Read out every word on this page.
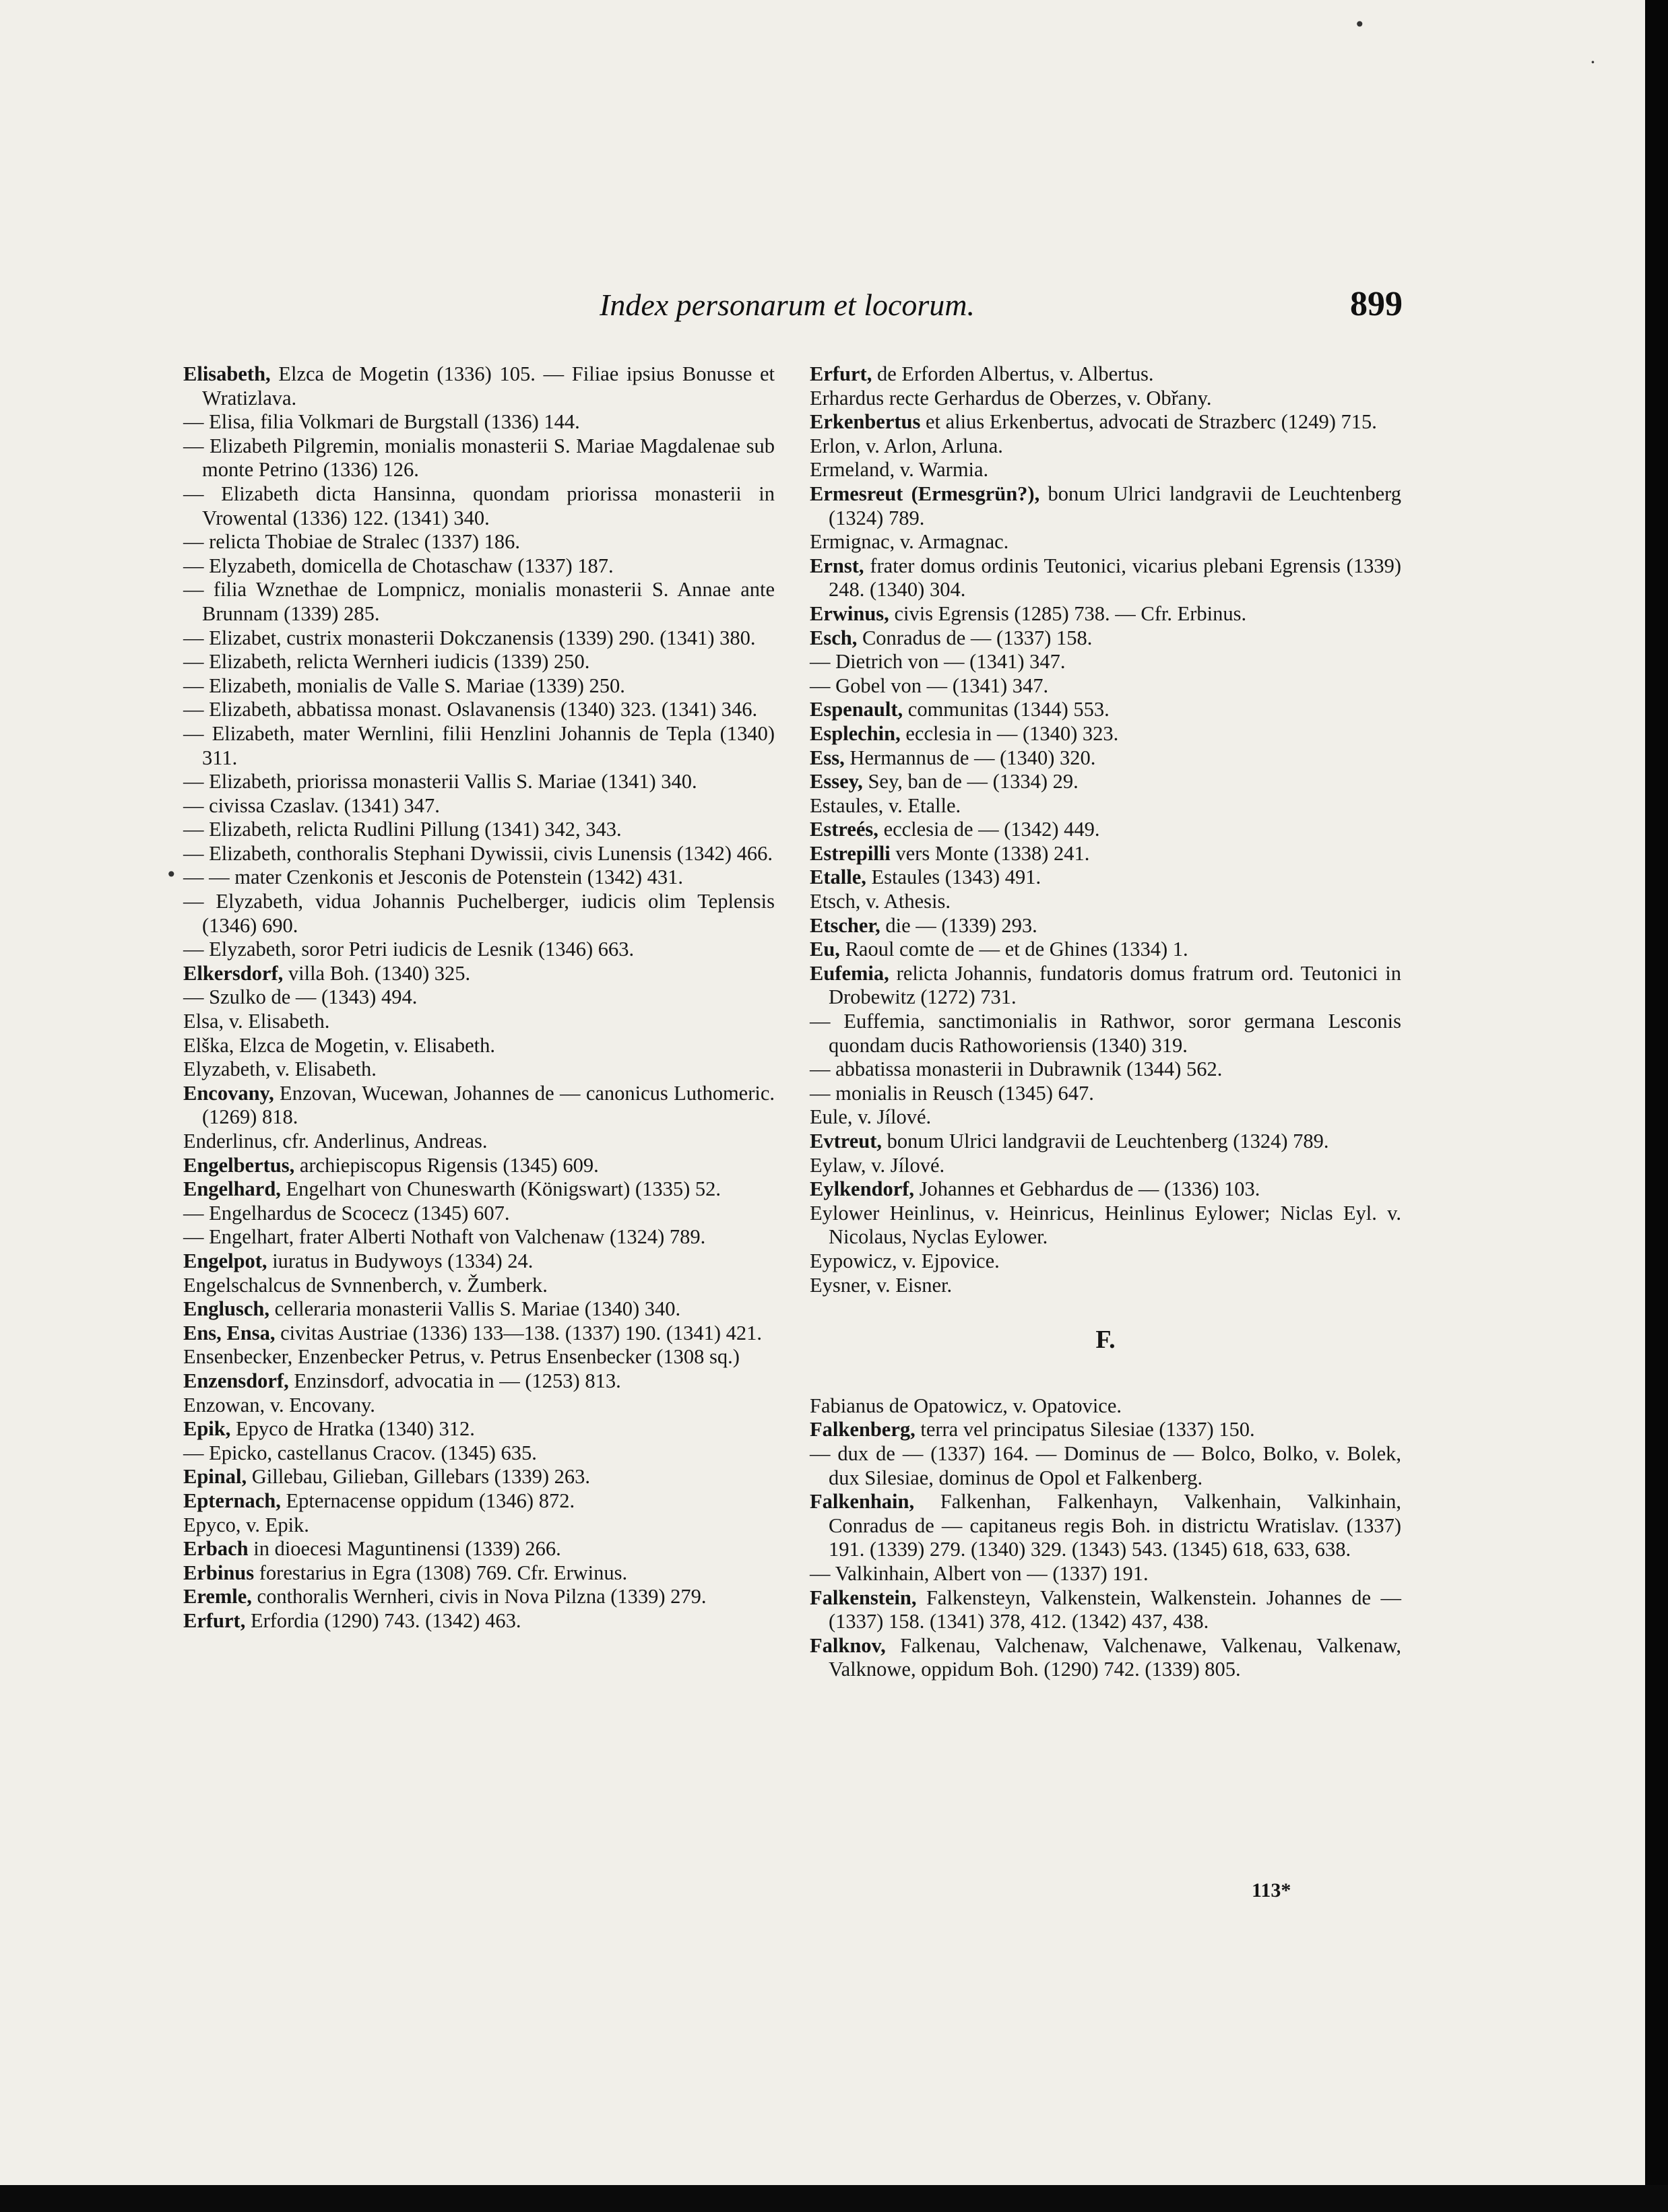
Index personarum et locorum.	899
Elisabeth, Elzca de Mogetin (1336) 105. — Filiae ipsius Bonusse et Wratizlava.
— Elisa, filia Volkmari de Burgstall (1336) 144.
— Elizabeth Pilgremin, monialis monasterii S. Mariae Magdalenae sub monte Petrino (1336) 126.
— Elizabeth dicta Hansinna, quondam priorissa monasterii in Vrowental (1336) 122. (1341) 340.
— relicta Thobiae de Stralec (1337) 186.
— Elyzabeth, domicella de Chotaschaw (1337) 187.
— filia Wznethae de Lompnicz, monialis monasterii S. Annae ante Brunnam (1339) 285.
— Elizabet, custrix monasterii Dokczanensis (1339) 290. (1341) 380.
— Elizabeth, relicta Wernheri iudicis (1339) 250.
— Elizabeth, monialis de Valle S. Mariae (1339) 250.
— Elizabeth, abbatissa monast. Oslavanensis (1340) 323. (1341) 346.
— Elizabeth, mater Wernlini, filii Henzlini Johannis de Tepla (1340) 311.
— Elizabeth, priorissa monasterii Vallis S. Mariae (1341) 340.
— civissa Czaslav. (1341) 347.
— Elizabeth, relicta Rudlini Pillung (1341) 342, 343.
— Elizabeth, conthoralis Stephani Dywissii, civis Lunensis (1342) 466.
— — mater Czenkonis et Jesconis de Potenstein (1342) 431.
— Elyzabeth, vidua Johannis Puchelberger, iudicis olim Teplensis (1346) 690.
— Elyzabeth, soror Petri iudicis de Lesnik (1346) 663.
Elkersdorf, villa Boh. (1340) 325.
— Szulko de — (1343) 494.
Elsa, v. Elisabeth.
Elška, Elzca de Mogetin, v. Elisabeth.
Elyzabeth, v. Elisabeth.
Encovany, Enzovan, Wucewan, Johannes de — canonicus Luthomeric. (1269) 818.
Enderlinus, cfr. Anderlinus, Andreas.
Engelbertus, archiepiscopus Rigensis (1345) 609.
Engelhard, Engelhart von Chuneswarth (Königswart) (1335) 52.
— Engelhardus de Scocecz (1345) 607.
— Engelhart, frater Alberti Nothaft von Valchenaw (1324) 789.
Engelpot, iuratus in Budywoys (1334) 24.
Engelschalcus de Svnnenberch, v. Žumberk.
Englusch, celleraria monasterii Vallis S. Mariae (1340) 340.
Ens, Ensa, civitas Austriae (1336) 133—138. (1337) 190. (1341) 421.
Ensenbecker, Enzenbecker Petrus, v. Petrus Ensenbecker (1308 sq.)
Enzensdorf, Enzinsdorf, advocatia in — (1253) 813.
Enzowan, v. Encovany.
Epik, Epyco de Hratka (1340) 312.
— Epicko, castellanus Cracov. (1345) 635.
Epinal, Gillebau, Gilieban, Gillebars (1339) 263.
Epternach, Epternacense oppidum (1346) 872.
Epyco, v. Epik.
Erbach in dioecesi Maguntinensi (1339) 266.
Erbinus forestarius in Egra (1308) 769. Cfr. Erwinus.
Eremle, conthoralis Wernheri, civis in Nova Pilzna (1339) 279.
Erfurt, Erfordia (1290) 743. (1342) 463.
Erfurt, de Erforden Albertus, v. Albertus.
Erhardus recte Gerhardus de Oberzes, v. Obřany.
Erkenbertus et alius Erkenbertus, advocati de Strazberc (1249) 715.
Erlon, v. Arlon, Arluna.
Ermeland, v. Warmia.
Ermesreut (Ermesgrün?), bonum Ulrici landgravii de Leuchtenberg (1324) 789.
Ermignac, v. Armagnac.
Ernst, frater domus ordinis Teutonici, vicarius plebani Egrensis (1339) 248. (1340) 304.
Erwinus, civis Egrensis (1285) 738. — Cfr. Erbinus.
Esch, Conradus de — (1337) 158.
— Dietrich von — (1341) 347.
— Gobel von — (1341) 347.
Espenault, communitas (1344) 553.
Esplechin, ecclesia in — (1340) 323.
Ess, Hermannus de — (1340) 320.
Essey, Sey, ban de — (1334) 29.
Estaules, v. Etalle.
Estreés, ecclesia de — (1342) 449.
Estrepilli vers Monte (1338) 241.
Etalle, Estaules (1343) 491.
Etsch, v. Athesis.
Etscher, die — (1339) 293.
Eu, Raoul comte de — et de Ghines (1334) 1.
Eufemia, relicta Johannis, fundatoris domus fratrum ord. Teutonici in Drobewitz (1272) 731.
— Euffemia, sanctimonialis in Rathwor, soror germana Lesconis quondam ducis Rathoworiensis (1340) 319.
— abbatissa monasterii in Dubrawnik (1344) 562.
— monialis in Reusch (1345) 647.
Eule, v. Jílové.
Evtreut, bonum Ulrici landgravii de Leuchtenberg (1324) 789.
Eylaw, v. Jílové.
Eylkendorf, Johannes et Gebhardus de — (1336) 103.
Eylower Heinlinus, v. Heinricus, Heinlinus Eylower; Niclas Eyl. v. Nicolaus, Nyclas Eylower.
Eypowicz, v. Ejpovice.
Eysner, v. Eisner.
F.
Fabianus de Opatowicz, v. Opatovice.
Falkenberg, terra vel principatus Silesiae (1337) 150.
— dux de — (1337) 164. — Dominus de — Bolco, Bolko, v. Bolek, dux Silesiae, dominus de Opol et Falkenberg.
Falkenhain, Falkenhan, Falkenhayn, Valkenhain, Valkinhain, Conradus de — capitaneus regis Boh. in districtu Wratislav. (1337) 191. (1339) 279. (1340) 329. (1343) 543. (1345) 618, 633, 638.
— Valkinhain, Albert von — (1337) 191.
Falkenstein, Falkensteyn, Valkenstein, Walkenstein. Johannes de — (1337) 158. (1341) 378, 412. (1342) 437, 438.
Falknov, Falkenau, Valchenaw, Valchenawe, Valkenau, Valkenaw, Valknowe, oppidum Boh. (1290) 742. (1339) 805.
113*
•
·
•
